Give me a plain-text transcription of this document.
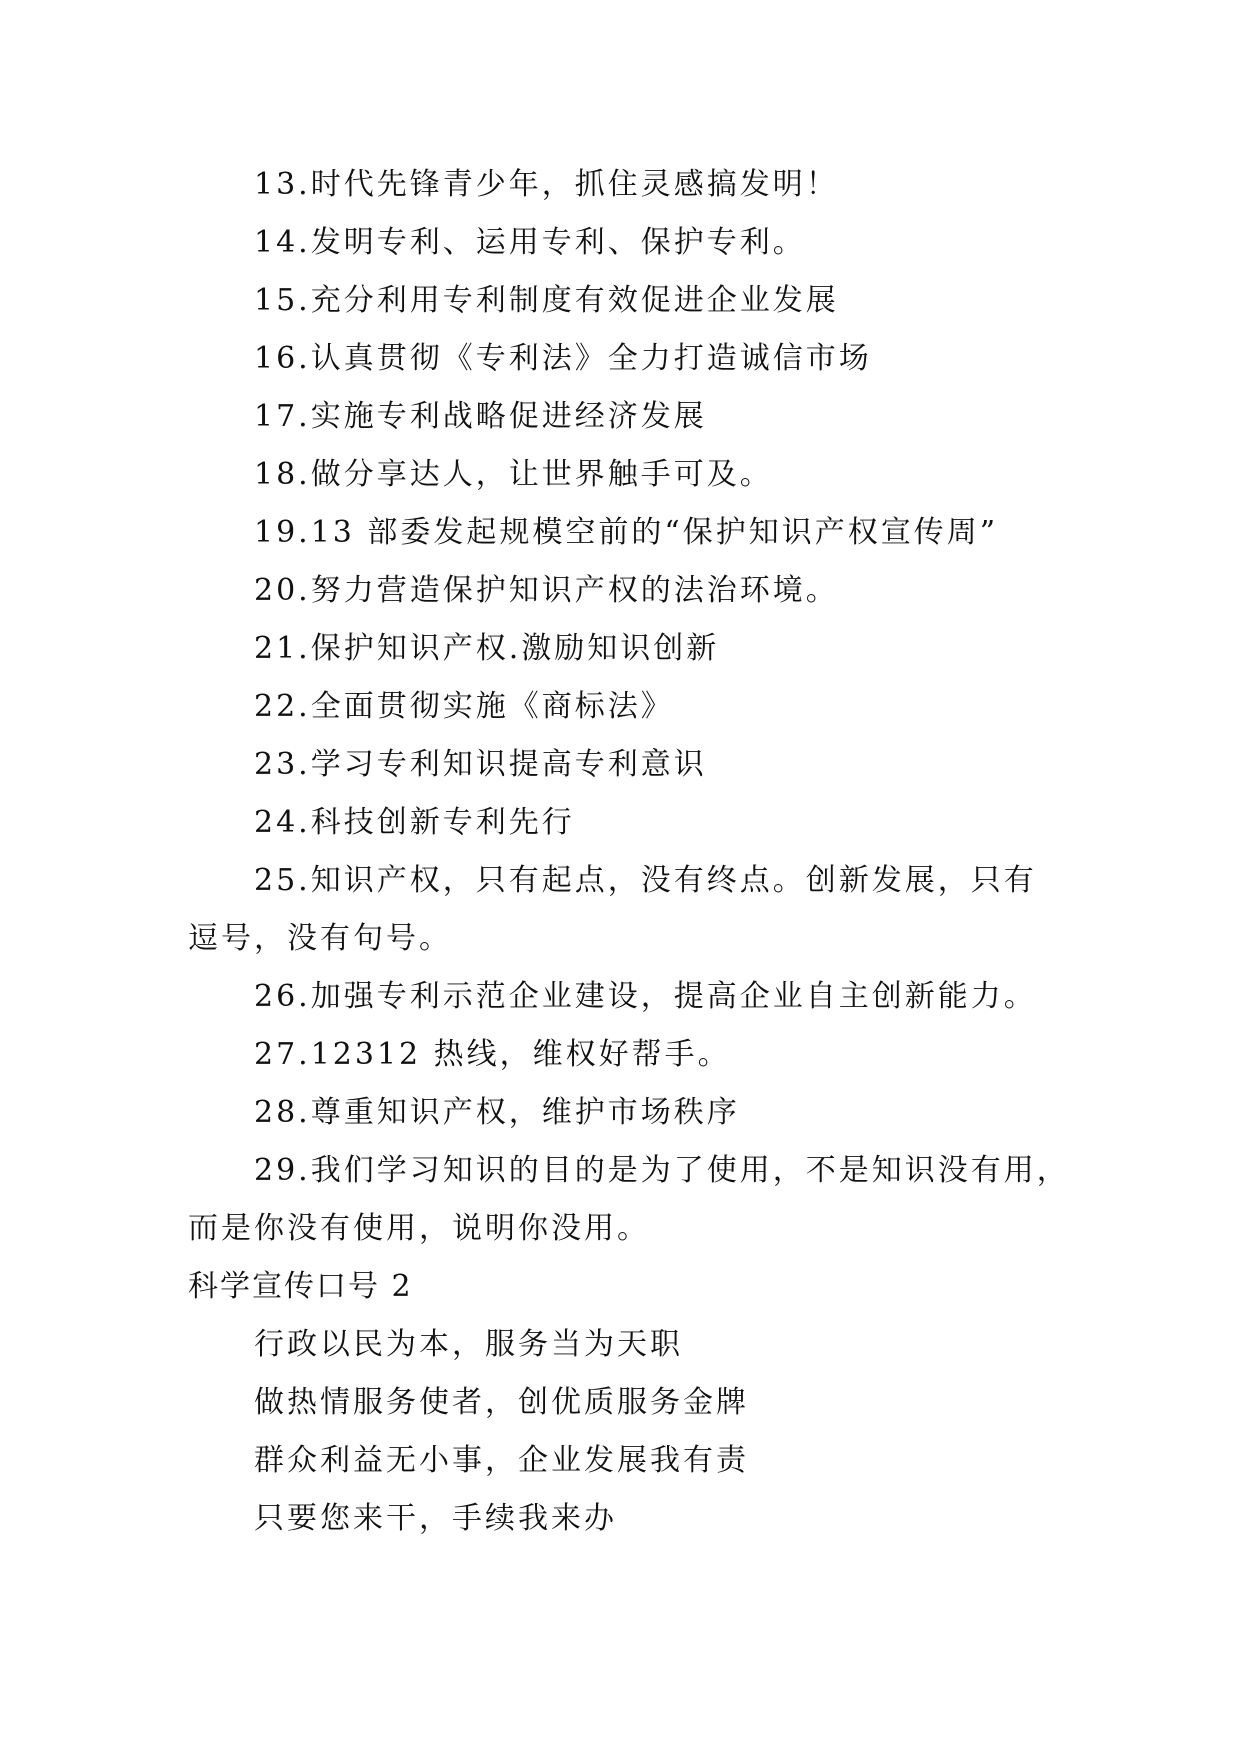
13.时代先锋青少年，抓住灵感搞发明！
14.发明专利、运用专利、保护专利。
15.充分利用专利制度有效促进企业发展
16.认真贯彻《专利法》全力打造诚信市场
17.实施专利战略促进经济发展
18.做分享达人，让世界触手可及。
19.13 部委发起规模空前的“保护知识产权宣传周”
20.努力营造保护知识产权的法治环境。
21.保护知识产权.激励知识创新
22.全面贯彻实施《商标法》
23.学习专利知识提高专利意识
24.科技创新专利先行
25.知识产权，只有起点，没有终点。创新发展，只有
逗号，没有句号。
26.加强专利示范企业建设，提高企业自主创新能力。
27.12312 热线，维权好帮手。
28.尊重知识产权，维护市场秩序
29.我们学习知识的目的是为了使用，不是知识没有用，
而是你没有使用，说明你没用。
科学宣传口号 2
行政以民为本，服务当为天职
做热情服务使者，创优质服务金牌
群众利益无小事，企业发展我有责
只要您来干，手续我来办
